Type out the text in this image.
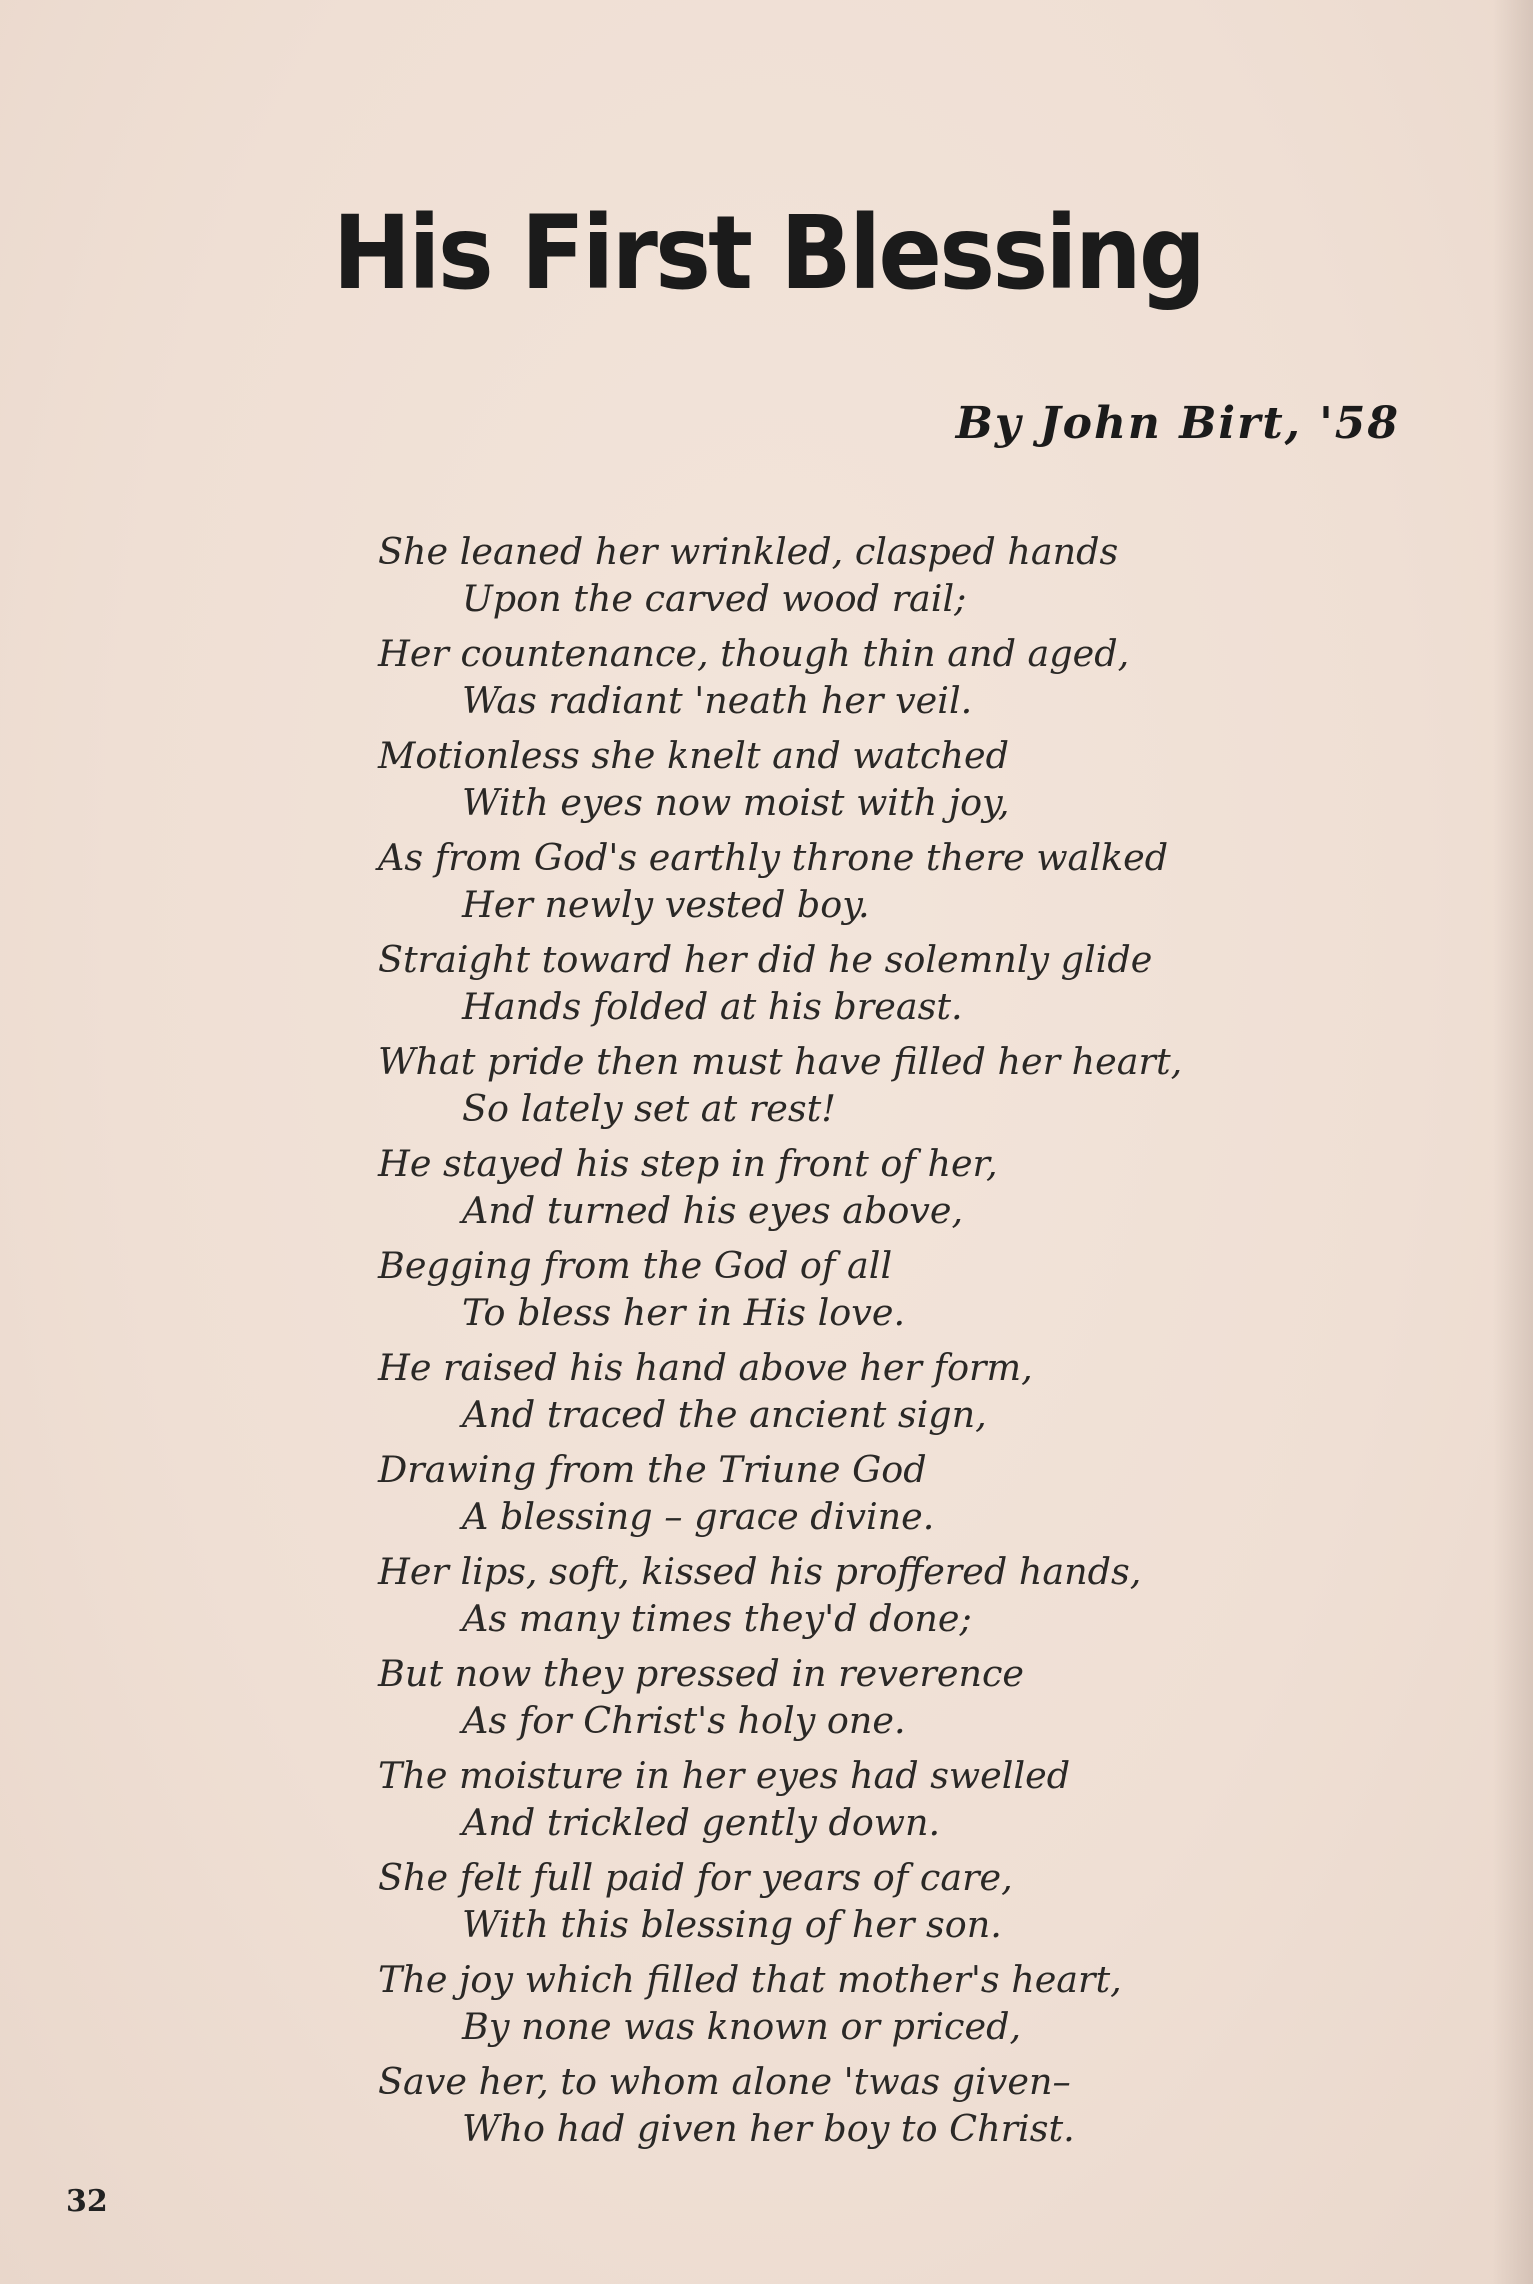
His First Blessing

By John Birt, '58

She leaned her wrinkled, clasped hands
Upon the carved wood rail;
Her countenance, though thin and aged,
Was radiant 'neath her veil.
Motionless she knelt and watched
With eyes now moist with joy,
As from God's earthly throne there walked
Her newly vested boy.
Straight toward her did he solemnly glide
Hands folded at his breast.
What pride then must have filled her heart,
So lately set at rest!
He stayed his step in front of her,
And turned his eyes above,
Begging from the God of all
To bless her in His love.
He raised his hand above her form,
And traced the ancient sign,
Drawing from the Triune God
A blessing – grace divine.
Her lips, soft, kissed his proffered hands,
As many times they'd done;
But now they pressed in reverence
As for Christ's holy one.
The moisture in her eyes had swelled
And trickled gently down.
She felt full paid for years of care,
With this blessing of her son.
The joy which filled that mother's heart,
By none was known or priced,
Save her, to whom alone 'twas given–
Who had given her boy to Christ.
32
